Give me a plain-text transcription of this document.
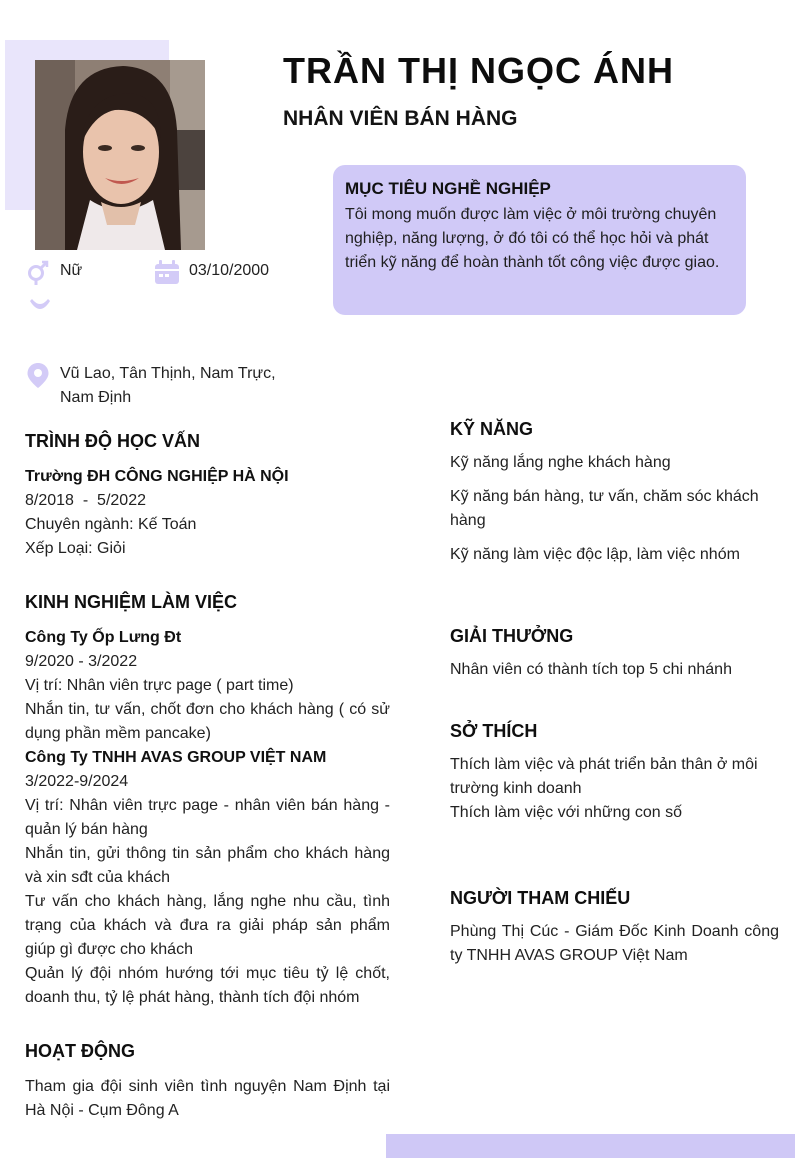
TRẦN THỊ NGỌC ÁNH
NHÂN VIÊN BÁN HÀNG
MỤC TIÊU NGHỀ NGHIỆP
Tôi mong muốn được làm việc ở môi trường chuyên nghiệp, năng lượng, ở đó tôi có thể học hỏi và phát triển kỹ năng để hoàn thành tốt công việc được giao.
Nữ	03/10/2000
Vũ Lao, Tân Thịnh, Nam Trực,
Nam Định
TRÌNH ĐỘ HỌC VẤN
Trường ĐH CÔNG NGHIỆP HÀ NỘI
8/2018  -  5/2022
Chuyên ngành: Kế Toán
Xếp Loại: Giỏi
KINH NGHIỆM LÀM VIỆC
Công Ty Ốp Lưng Đt
9/2020 - 3/2022
Vị trí: Nhân viên trực page ( part time)
Nhắn tin, tư vấn, chốt đơn cho khách hàng ( có sử dụng phần mềm pancake)
Công Ty TNHH AVAS GROUP VIỆT NAM
3/2022-9/2024
Vị trí: Nhân viên trực page - nhân viên bán hàng - quản lý bán hàng
Nhắn tin, gửi thông tin sản phẩm cho khách hàng và xin sđt của khách
Tư vấn cho khách hàng, lắng nghe nhu cầu, tình trạng của khách và đưa ra giải pháp sản phẩm giúp gì được cho khách
Quản lý đội nhóm hướng tới mục tiêu tỷ lệ chốt, doanh thu, tỷ lệ phát hàng, thành tích đội nhóm
HOẠT ĐỘNG
Tham gia đội sinh viên tình nguyện Nam Định tại Hà Nội - Cụm Đông A
KỸ NĂNG
Kỹ năng lắng nghe khách hàng
Kỹ năng bán hàng, tư vấn, chăm sóc khách hàng
Kỹ năng làm việc độc lập, làm việc nhóm
GIẢI THƯỞNG
Nhân viên có thành tích top 5 chi nhánh
SỞ THÍCH
Thích làm việc và phát triển bản thân ở môi trường kinh doanh
Thích làm việc với những con số
NGƯỜI THAM CHIẾU
Phùng Thị Cúc - Giám Đốc Kinh Doanh công ty TNHH AVAS GROUP Việt Nam
